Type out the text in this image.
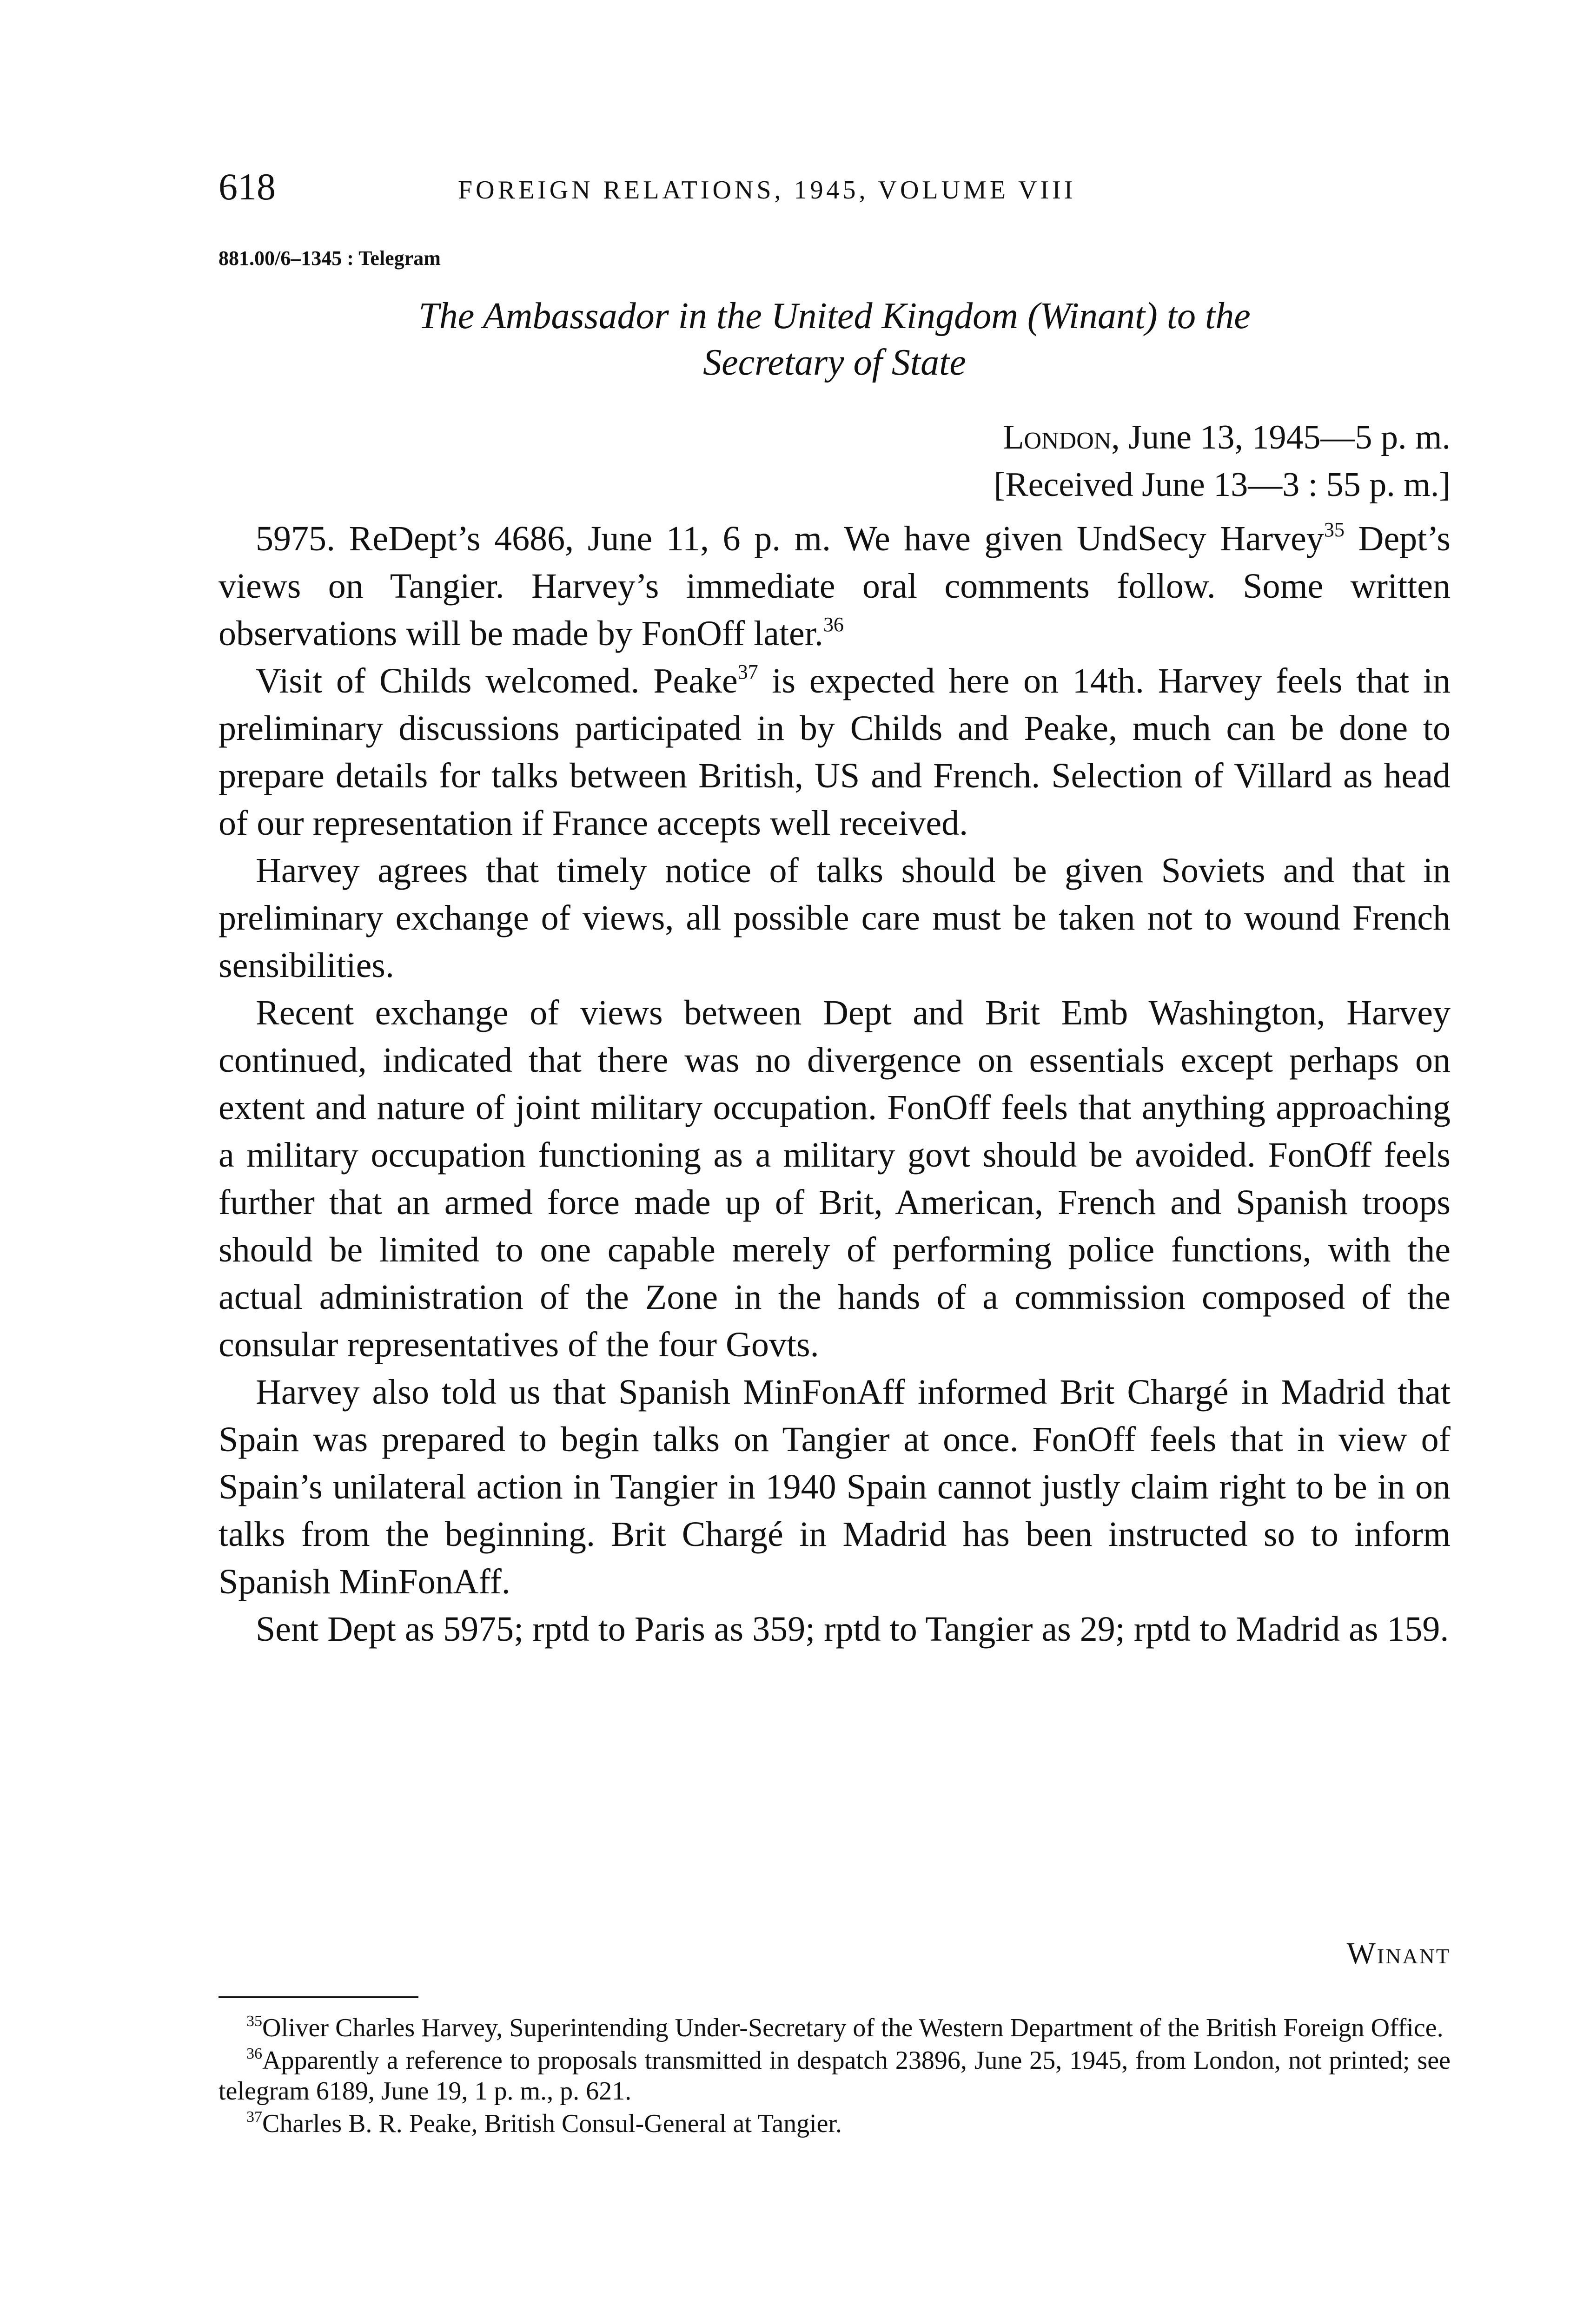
618	FOREIGN RELATIONS, 1945, VOLUME VIII
881.00/6–1345 : Telegram
The Ambassador in the United Kingdom (Winant) to the
Secretary of State
London, June 13, 1945—5 p. m.
[Received June 13—3 : 55 p. m.]

5975. ReDept’s 4686, June 11, 6 p. m. We have given UndSecy Harvey$^{35}$ Dept’s views on Tangier. Harvey’s immediate oral comments follow. Some written observations will be made by FonOff later.$^{36}$

Visit of Childs welcomed. Peake$^{37}$ is expected here on 14th. Harvey feels that in preliminary discussions participated in by Childs and Peake, much can be done to prepare details for talks between British, US and French. Selection of Villard as head of our representation if France accepts well received.

Harvey agrees that timely notice of talks should be given Soviets and that in preliminary exchange of views, all possible care must be taken not to wound French sensibilities.

Recent exchange of views between Dept and Brit Emb Washington, Harvey continued, indicated that there was no divergence on essentials except perhaps on extent and nature of joint military occupation. FonOff feels that anything approaching a military occupation functioning as a military govt should be avoided. FonOff feels further that an armed force made up of Brit, American, French and Spanish troops should be limited to one capable merely of performing police functions, with the actual administration of the Zone in the hands of a commission composed of the consular representatives of the four Govts.

Harvey also told us that Spanish MinFonAff informed Brit Chargé in Madrid that Spain was prepared to begin talks on Tangier at once. FonOff feels that in view of Spain’s unilateral action in Tangier in 1940 Spain cannot justly claim right to be in on talks from the beginning. Brit Chargé in Madrid has been instructed so to inform Spanish MinFonAff.

Sent Dept as 5975; rptd to Paris as 359; rptd to Tangier as 29; rptd to Madrid as 159.

Winant

$^{35}$Oliver Charles Harvey, Superintending Under-Secretary of the Western Department of the British Foreign Office.

$^{36}$Apparently a reference to proposals transmitted in despatch 23896, June 25, 1945, from London, not printed; see telegram 6189, June 19, 1 p. m., p. 621.

$^{37}$Charles B. R. Peake, British Consul-General at Tangier.
